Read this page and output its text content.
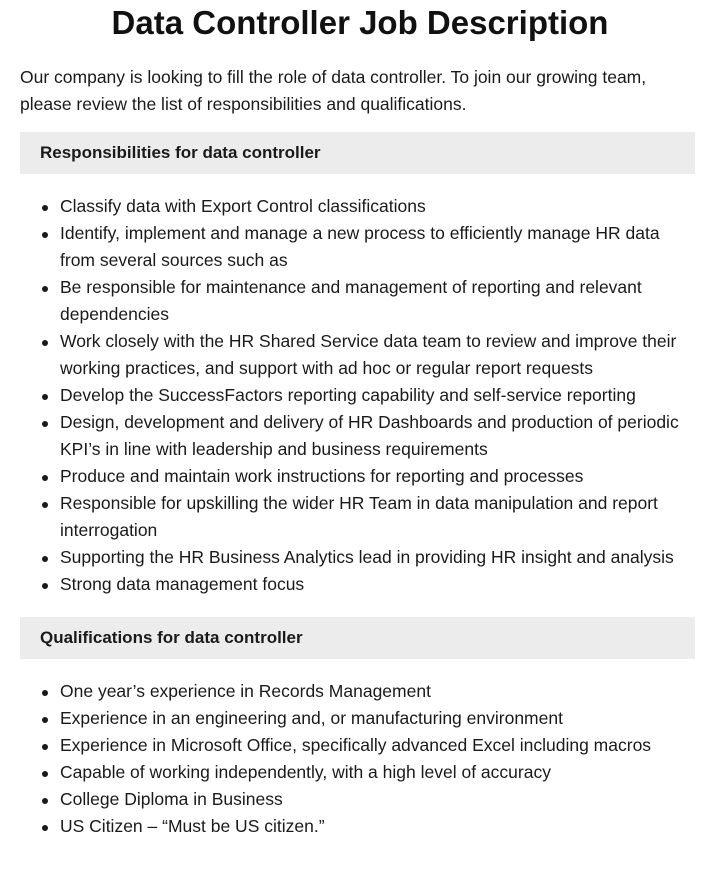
Data Controller Job Description

Our company is looking to fill the role of data controller. To join our growing team, please review the list of responsibilities and qualifications.

Responsibilities for data controller
Classify data with Export Control classifications
Identify, implement and manage a new process to efficiently manage HR data from several sources such as
Be responsible for maintenance and management of reporting and relevant dependencies
Work closely with the HR Shared Service data team to review and improve their working practices, and support with ad hoc or regular report requests
Develop the SuccessFactors reporting capability and self-service reporting
Design, development and delivery of HR Dashboards and production of periodic KPI’s in line with leadership and business requirements
Produce and maintain work instructions for reporting and processes
Responsible for upskilling the wider HR Team in data manipulation and report interrogation
Supporting the HR Business Analytics lead in providing HR insight and analysis
Strong data management focus
Qualifications for data controller
One year’s experience in Records Management
Experience in an engineering and, or manufacturing environment
Experience in Microsoft Office, specifically advanced Excel including macros
Capable of working independently, with a high level of accuracy
College Diploma in Business
US Citizen – “Must be US citizen.”
